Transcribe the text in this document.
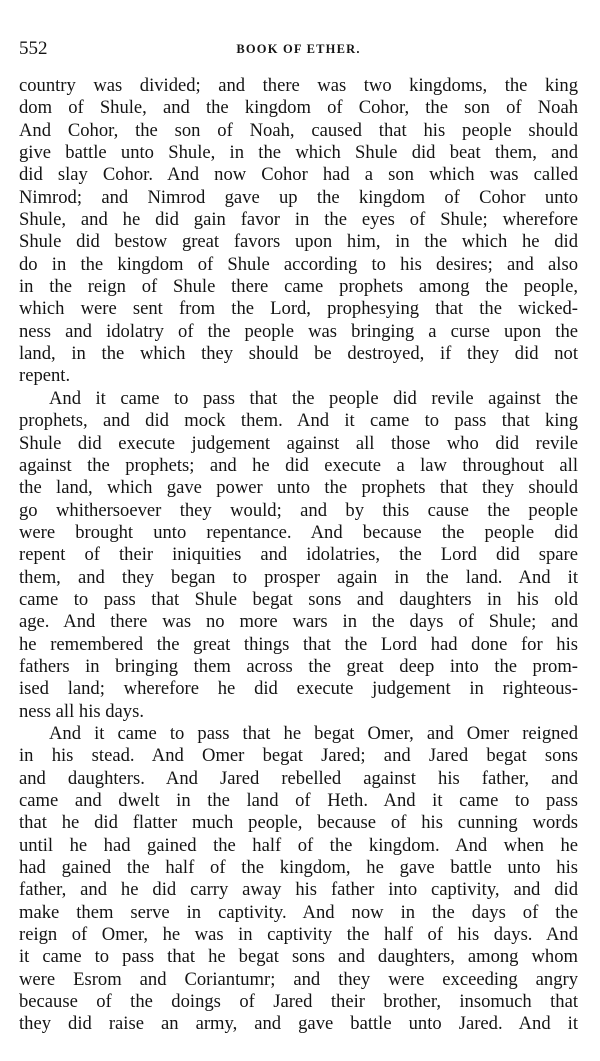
552	BOOK OF ETHER.
country was divided; and there was two kingdoms, the king
dom of Shule, and the kingdom of Cohor, the son of Noah
And Cohor, the son of Noah, caused that his people should
give battle unto Shule, in the which Shule did beat them, and
did slay Cohor. And now Cohor had a son which was called
Nimrod; and Nimrod gave up the kingdom of Cohor unto
Shule, and he did gain favor in the eyes of Shule; wherefore
Shule did bestow great favors upon him, in the which he did
do in the kingdom of Shule according to his desires; and also
in the reign of Shule there came prophets among the people,
which were sent from the Lord, prophesying that the wicked-
ness and idolatry of the people was bringing a curse upon the
land, in the which they should be destroyed, if they did not
repent.
And it came to pass that the people did revile against the
prophets, and did mock them. And it came to pass that king
Shule did execute judgement against all those who did revile
against the prophets; and he did execute a law throughout all
the land, which gave power unto the prophets that they should
go whithersoever they would; and by this cause the people
were brought unto repentance. And because the people did
repent of their iniquities and idolatries, the Lord did spare
them, and they began to prosper again in the land. And it
came to pass that Shule begat sons and daughters in his old
age. And there was no more wars in the days of Shule; and
he remembered the great things that the Lord had done for his
fathers in bringing them across the great deep into the prom-
ised land; wherefore he did execute judgement in righteous-
ness all his days.
And it came to pass that he begat Omer, and Omer reigned
in his stead. And Omer begat Jared; and Jared begat sons
and daughters. And Jared rebelled against his father, and
came and dwelt in the land of Heth. And it came to pass
that he did flatter much people, because of his cunning words
until he had gained the half of the kingdom. And when he
had gained the half of the kingdom, he gave battle unto his
father, and he did carry away his father into captivity, and did
make them serve in captivity. And now in the days of the
reign of Omer, he was in captivity the half of his days. And
it came to pass that he begat sons and daughters, among whom
were Esrom and Coriantumr; and they were exceeding angry
because of the doings of Jared their brother, insomuch that
they did raise an army, and gave battle unto Jared. And it
